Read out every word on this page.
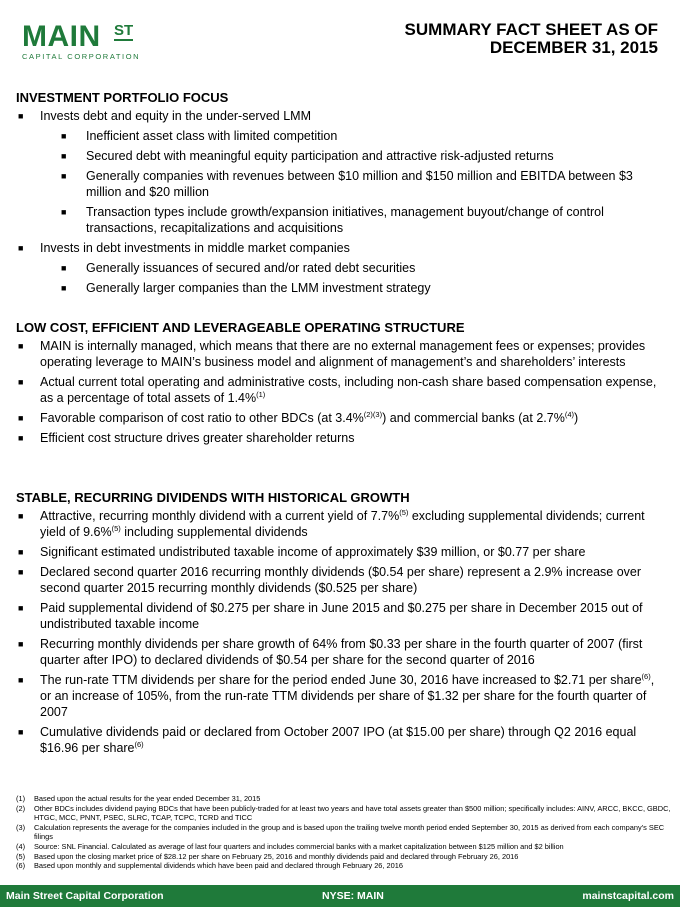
MAIN ST
CAPITAL CORPORATION
SUMMARY FACT SHEET AS OF
DECEMBER 31, 2015
INVESTMENT PORTFOLIO FOCUS
■ Invests debt and equity in the under-served LMM
■ Inefficient asset class with limited competition
■ Secured debt with meaningful equity participation and attractive risk-adjusted returns
■ Generally companies with revenues between $10 million and $150 million and EBITDA between $3 million and $20 million
■ Transaction types include growth/expansion initiatives, management buyout/change of control transactions, recapitalizations and acquisitions
■ Invests in debt investments in middle market companies
■ Generally issuances of secured and/or rated debt securities
■ Generally larger companies than the LMM investment strategy
LOW COST, EFFICIENT AND LEVERAGEABLE OPERATING STRUCTURE
■ MAIN is internally managed, which means that there are no external management fees or expenses; provides operating leverage to MAIN’s business model and alignment of management’s and shareholders’ interests
■ Actual current total operating and administrative costs, including non-cash share based compensation expense, as a percentage of total assets of 1.4%$^{(1)}$
■ Favorable comparison of cost ratio to other BDCs (at 3.4%$^{(2)(3)}$) and commercial banks (at 2.7%$^{(4)}$)
■ Efficient cost structure drives greater shareholder returns
STABLE, RECURRING DIVIDENDS WITH HISTORICAL GROWTH
■ Attractive, recurring monthly dividend with a current yield of 7.7%$^{(5)}$ excluding supplemental dividends; current yield of 9.6%$^{(5)}$ including supplemental dividends
■ Significant estimated undistributed taxable income of approximately $39 million, or $0.77 per share
■ Declared second quarter 2016 recurring monthly dividends ($0.54 per share) represent a 2.9% increase over second quarter 2015 recurring monthly dividends ($0.525 per share)
■ Paid supplemental dividend of $0.275 per share in June 2015 and $0.275 per share in December 2015 out of undistributed taxable income
■ Recurring monthly dividends per share growth of 64% from $0.33 per share in the fourth quarter of 2007 (first quarter after IPO) to declared dividends of $0.54 per share for the second quarter of 2016
■ The run-rate TTM dividends per share for the period ended June 30, 2016 have increased to $2.71 per share$^{(6)}$, or an increase of 105%, from the run-rate TTM dividends per share of $1.32 per share for the fourth quarter of 2007
■ Cumulative dividends paid or declared from October 2007 IPO (at $15.00 per share) through Q2 2016 equal $16.96 per share$^{(6)}$
(1) Based upon the actual results for the year ended December 31, 2015
(2) Other BDCs includes dividend paying BDCs that have been publicly-traded for at least two years and have total assets greater than $500 million; specifically includes: AINV, ARCC, BKCC, GBDC, HTGC, MCC, PNNT, PSEC, SLRC, TCAP, TCPC, TCRD and TICC
(3) Calculation represents the average for the companies included in the group and is based upon the trailing twelve month period ended September 30, 2015 as derived from each company’s SEC filings
(4) Source: SNL Financial. Calculated as average of last four quarters and includes commercial banks with a market capitalization between $125 million and $2 billion
(5) Based upon the closing market price of $28.12 per share on February 25, 2016 and monthly dividends paid and declared through February 26, 2016
(6) Based upon monthly and supplemental dividends which have been paid and declared through February 26, 2016
Main Street Capital Corporation	NYSE: MAIN	mainstcapital.com
